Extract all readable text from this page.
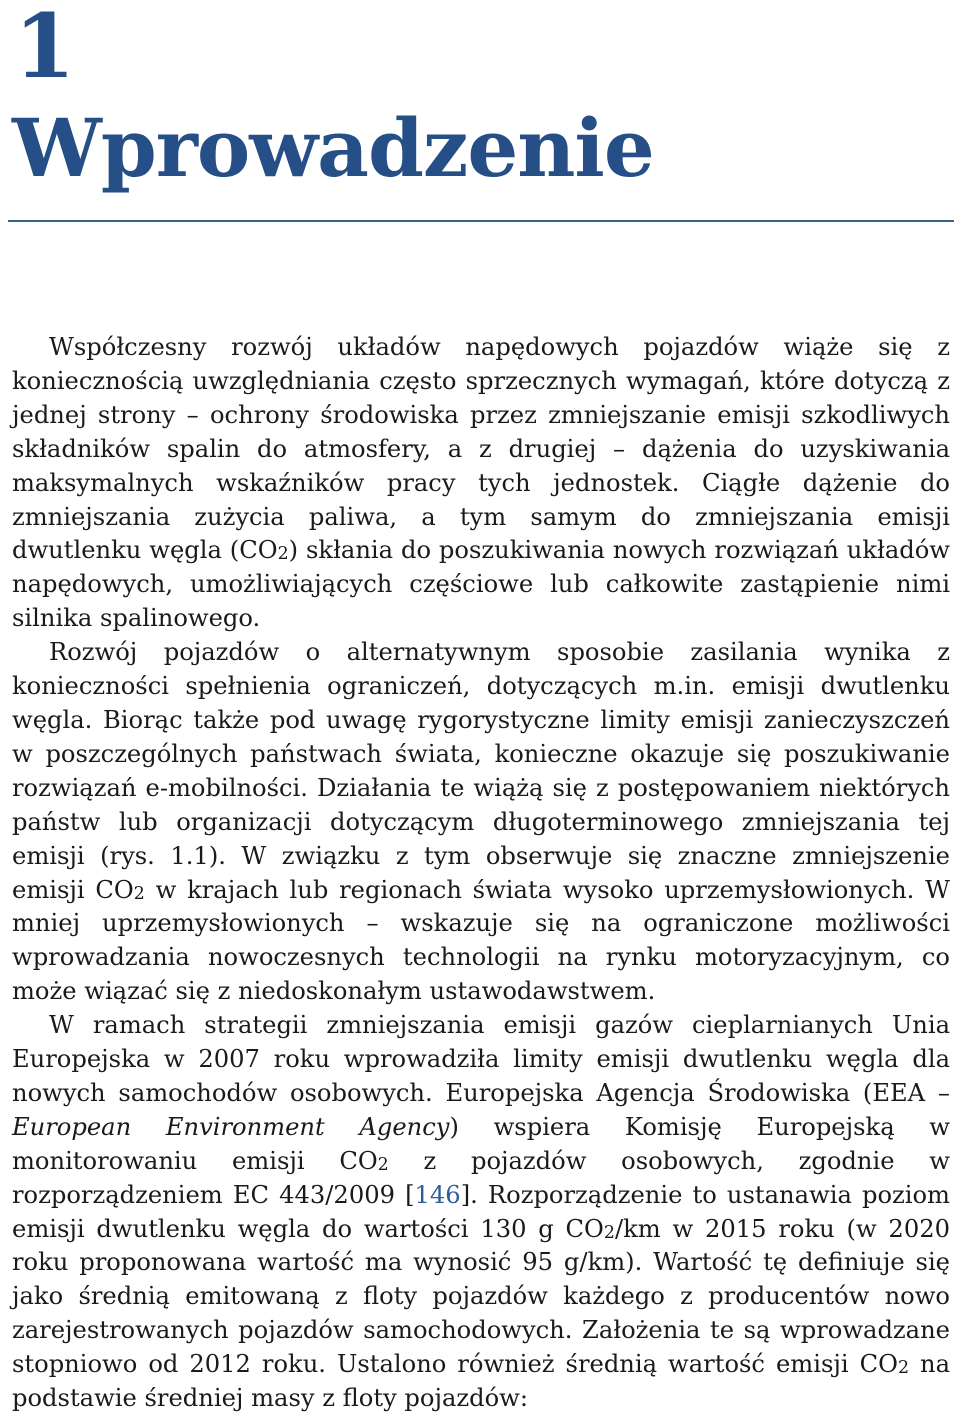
1
Wprowadzenie

Współczesny rozwój układów napędowych pojazdów wiąże się z koniecznością uwzględniania często sprzecznych wymagań, które dotyczą z jednej strony – ochrony środowiska przez zmniejszanie emisji szkodliwych składników spalin do atmosfery, a z drugiej – dążenia do uzyskiwania maksymalnych wskaźników pracy tych jednostek. Ciągłe dążenie do zmniejszania zużycia paliwa, a tym samym do zmniejszania emisji dwutlenku węgla (CO2) skłania do poszukiwania nowych rozwiązań układów napędowych, umożliwiających częściowe lub całkowite zastąpienie nimi silnika spalinowego.

Rozwój pojazdów o alternatywnym sposobie zasilania wynika z konieczności spełnienia ograniczeń, dotyczących m.in. emisji dwutlenku węgla. Biorąc także pod uwagę rygorystyczne limity emisji zanieczyszczeń w poszczególnych państwach świata, konieczne okazuje się poszukiwanie rozwiązań e-mobilności. Działania te wiążą się z postępowaniem niektórych państw lub organizacji dotyczącym długoterminowego zmniejszania tej emisji (rys. 1.1). W związku z tym obserwuje się znaczne zmniejszenie emisji CO2 w krajach lub regionach świata wysoko uprzemysłowionych. W mniej uprzemysłowionych – wskazuje się na ograniczone możliwości wprowadzania nowoczesnych technologii na rynku motoryzacyjnym, co może wiązać się z niedoskonałym ustawodawstwem.

W ramach strategii zmniejszania emisji gazów cieplarnianych Unia Europejska w 2007 roku wprowadziła limity emisji dwutlenku węgla dla nowych samochodów osobowych. Europejska Agencja Środowiska (EEA – European Environment Agency) wspiera Komisję Europejską w monitorowaniu emisji CO2 z pojazdów osobowych, zgodnie w rozporządzeniem EC 443/2009 [146]. Rozporządzenie to ustanawia poziom emisji dwutlenku węgla do wartości 130 g CO2/km w 2015 roku (w 2020 roku proponowana wartość ma wynosić 95 g/km). Wartość tę definiuje się jako średnią emitowaną z floty pojazdów każdego z producentów nowo zarejestrowanych pojazdów samochodowych. Założenia te są wprowadzane stopniowo od 2012 roku. Ustalono również średnią wartość emisji CO2 na podstawie średniej masy z floty pojazdów:
